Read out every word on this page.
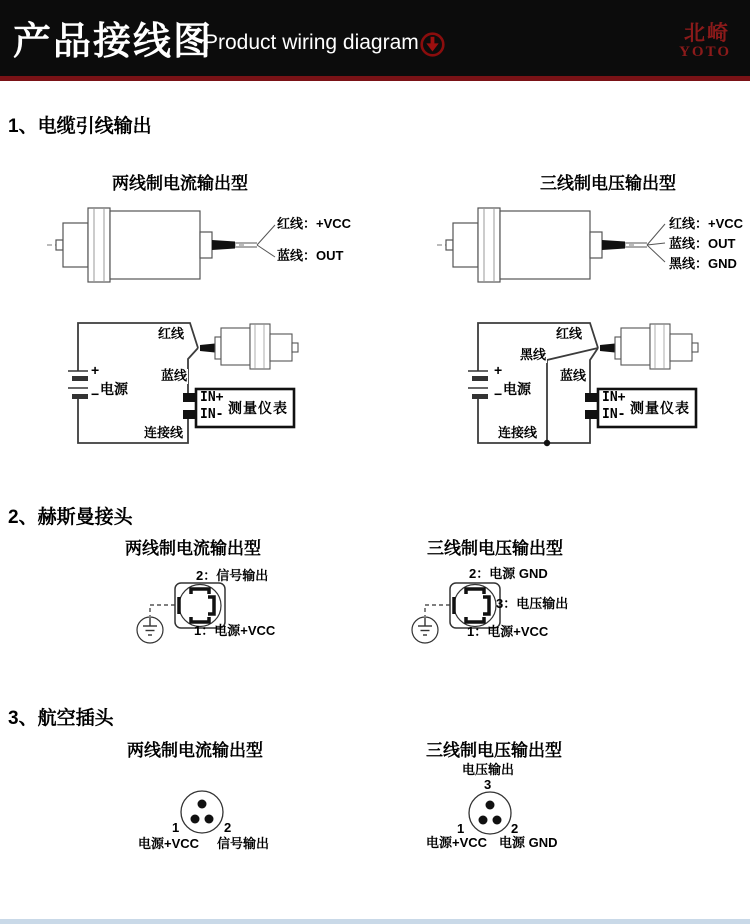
产品接线图
Product wiring diagram	北崎
YOTO
1、电缆引线输出
两线制电流输出型	三线制电压输出型
红线：+VCC
蓝线：OUT
红线：+VCC
蓝线：OUT
黑线：GND
红线
蓝线
连接线
+
− 电源
IN+
IN- 测量仪表
红线
黑线
蓝线
连接线
+
− 电源
IN+
IN- 测量仪表
2、赫斯曼接头
两线制电流输出型	三线制电压输出型
2：信号输出
1：电源+VCC
2：电源 GND
3：电压输出
1：电源+VCC
3、航空插头
两线制电流输出型	三线制电压输出型
1	2
电源+VCC 信号输出
电压输出
3
1	2
电源+VCC 电源 GND
